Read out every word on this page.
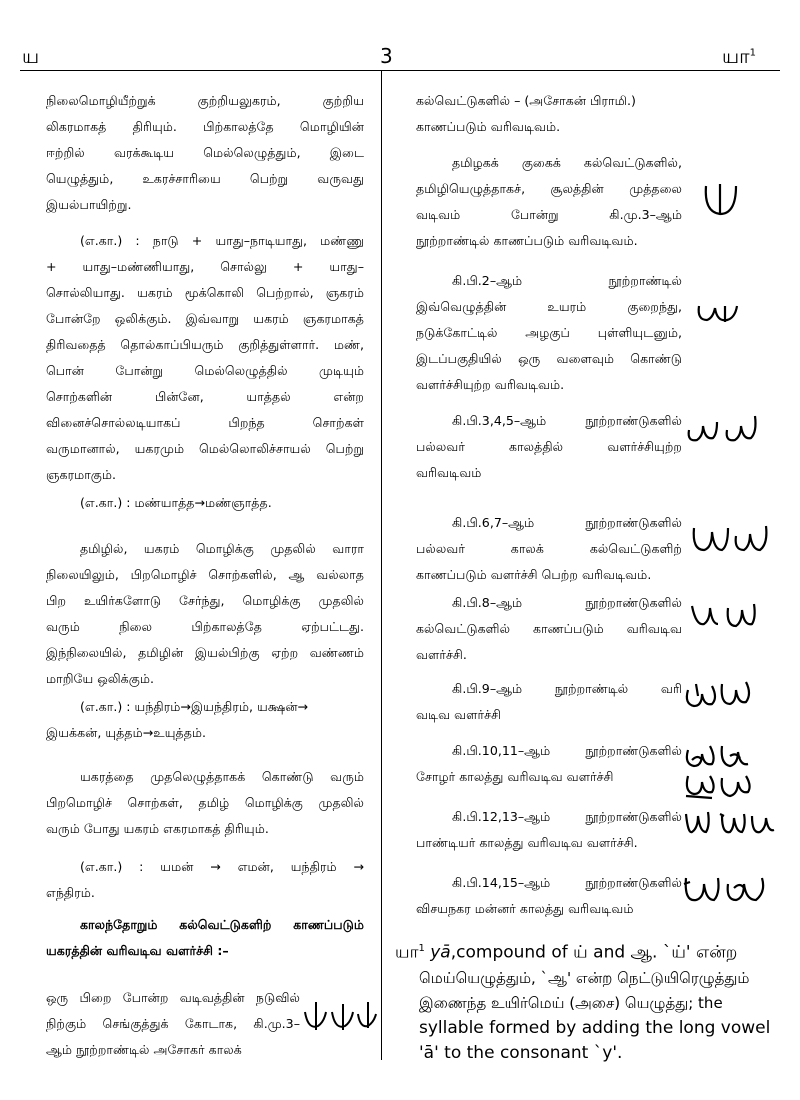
ய	3	யா$^1$
நிலைமொழியீற்றுக் குற்றியலுகரம், குற்றிய
லிகரமாகத் திரியும். பிற்காலத்தே மொழியின்
ஈற்றில் வரக்கூடிய மெல்லெழுத்தும், இடை
யெழுத்தும், உகரச்சாரியை பெற்று வருவது
இயல்பாயிற்று.
(எ.கா.) : நாடு + யாது–நாடியாது, மண்ணு
+ யாது–மண்ணியாது, சொல்லு + யாது–
சொல்லியாது. யகரம் மூக்கொலி பெற்றால், ஞகரம்
போன்றே ஒலிக்கும். இவ்வாறு யகரம் ஞகரமாகத்
திரிவதைத் தொல்காப்பியரும் குறித்துள்ளார். மண்,
பொன் போன்று மெல்லெழுத்தில் முடியும்
சொற்களின் பின்னே, யாத்தல் என்ற
வினைச்சொல்லடியாகப் பிறந்த சொற்கள்
வருமானால், யகரமும் மெல்லொலிச்சாயல் பெற்று
ஞகரமாகும்.
(எ.கா.) : மண்யாத்த→மண்ஞாத்த.
தமிழில், யகரம் மொழிக்கு முதலில் வாரா
நிலையிலும், பிறமொழிச் சொற்களில், ஆ வல்லாத
பிற உயிர்களோடு சேர்ந்து, மொழிக்கு முதலில்
வரும் நிலை பிற்காலத்தே ஏற்பட்டது.
இந்நிலையில், தமிழின் இயல்பிற்கு ஏற்ற வண்ணம்
மாறியே ஒலிக்கும்.
(எ.கா.) : யந்திரம்→இயந்திரம், யக்ஷன்→
இயக்கன், யுத்தம்→உயுத்தம்.
யகரத்தை முதலெழுத்தாகக் கொண்டு வரும்
பிறமொழிச் சொற்கள், தமிழ் மொழிக்கு முதலில்
வரும் போது யகரம் எகரமாகத் திரியும்.
(எ.கா.) : யமன் → எமன், யந்திரம் →
எந்திரம்.
காலந்தோறும் கல்வெட்டுகளிற் காணப்படும்
யகரத்தின் வரிவடிவ வளர்ச்சி :–
ஒரு பிறை போன்ற வடிவத்தின் நடுவில்
நிற்கும் செங்குத்துக் கோடாக, கி.மு.3–
ஆம் நூற்றாண்டில் அசோகர் காலக்
கல்வெட்டுகளில் – (அசோகன் பிராமி.)
காணப்படும் வரிவடிவம்.
தமிழகக் குகைக் கல்வெட்டுகளில்,
தமிழியெழுத்தாகச், சூலத்தின் முத்தலை
வடிவம் போன்று கி.மு.3–ஆம்
நூற்றாண்டில் காணப்படும் வரிவடிவம்.
கி.பி.2–ஆம் நூற்றாண்டில்
இவ்வெழுத்தின் உயரம் குறைந்து,
நடுக்கோட்டில் அழகுப் புள்ளியுடனும்,
இடப்பகுதியில் ஒரு வளைவும் கொண்டு
வளர்ச்சியுற்ற வரிவடிவம்.
கி.பி.3,4,5–ஆம் நூற்றாண்டுகளில்
பல்லவர் காலத்தில் வளர்ச்சியுற்ற
வரிவடிவம்
கி.பி.6,7–ஆம் நூற்றாண்டுகளில்
பல்லவர் காலக் கல்வெட்டுகளிற்
காணப்படும் வளர்ச்சி பெற்ற வரிவடிவம்.
கி.பி.8–ஆம் நூற்றாண்டுகளில்
கல்வெட்டுகளில் காணப்படும் வரிவடிவ
வளர்ச்சி.
கி.பி.9–ஆம் நூற்றாண்டில் வரி
வடிவ வளர்ச்சி
கி.பி.10,11–ஆம் நூற்றாண்டுகளில்
சோழர் காலத்து வரிவடிவ வளர்ச்சி
கி.பி.12,13–ஆம் நூற்றாண்டுகளில்
பாண்டியர் காலத்து வரிவடிவ வளர்ச்சி.
கி.பி.14,15–ஆம் நூற்றாண்டுகளில்
விசயநகர மன்னர் காலத்து வரிவடிவம்
யா$^1$ yā,compound of ய் and ஆ. `ய்' என்ற
மெய்யெழுத்தும், `ஆ' என்ற நெட்டுயிரெழுத்தும்
இணைந்த உயிர்மெய் (அசை) யெழுத்து; the
syllable formed by adding the long vowel
'ā' to the consonant `y'.
